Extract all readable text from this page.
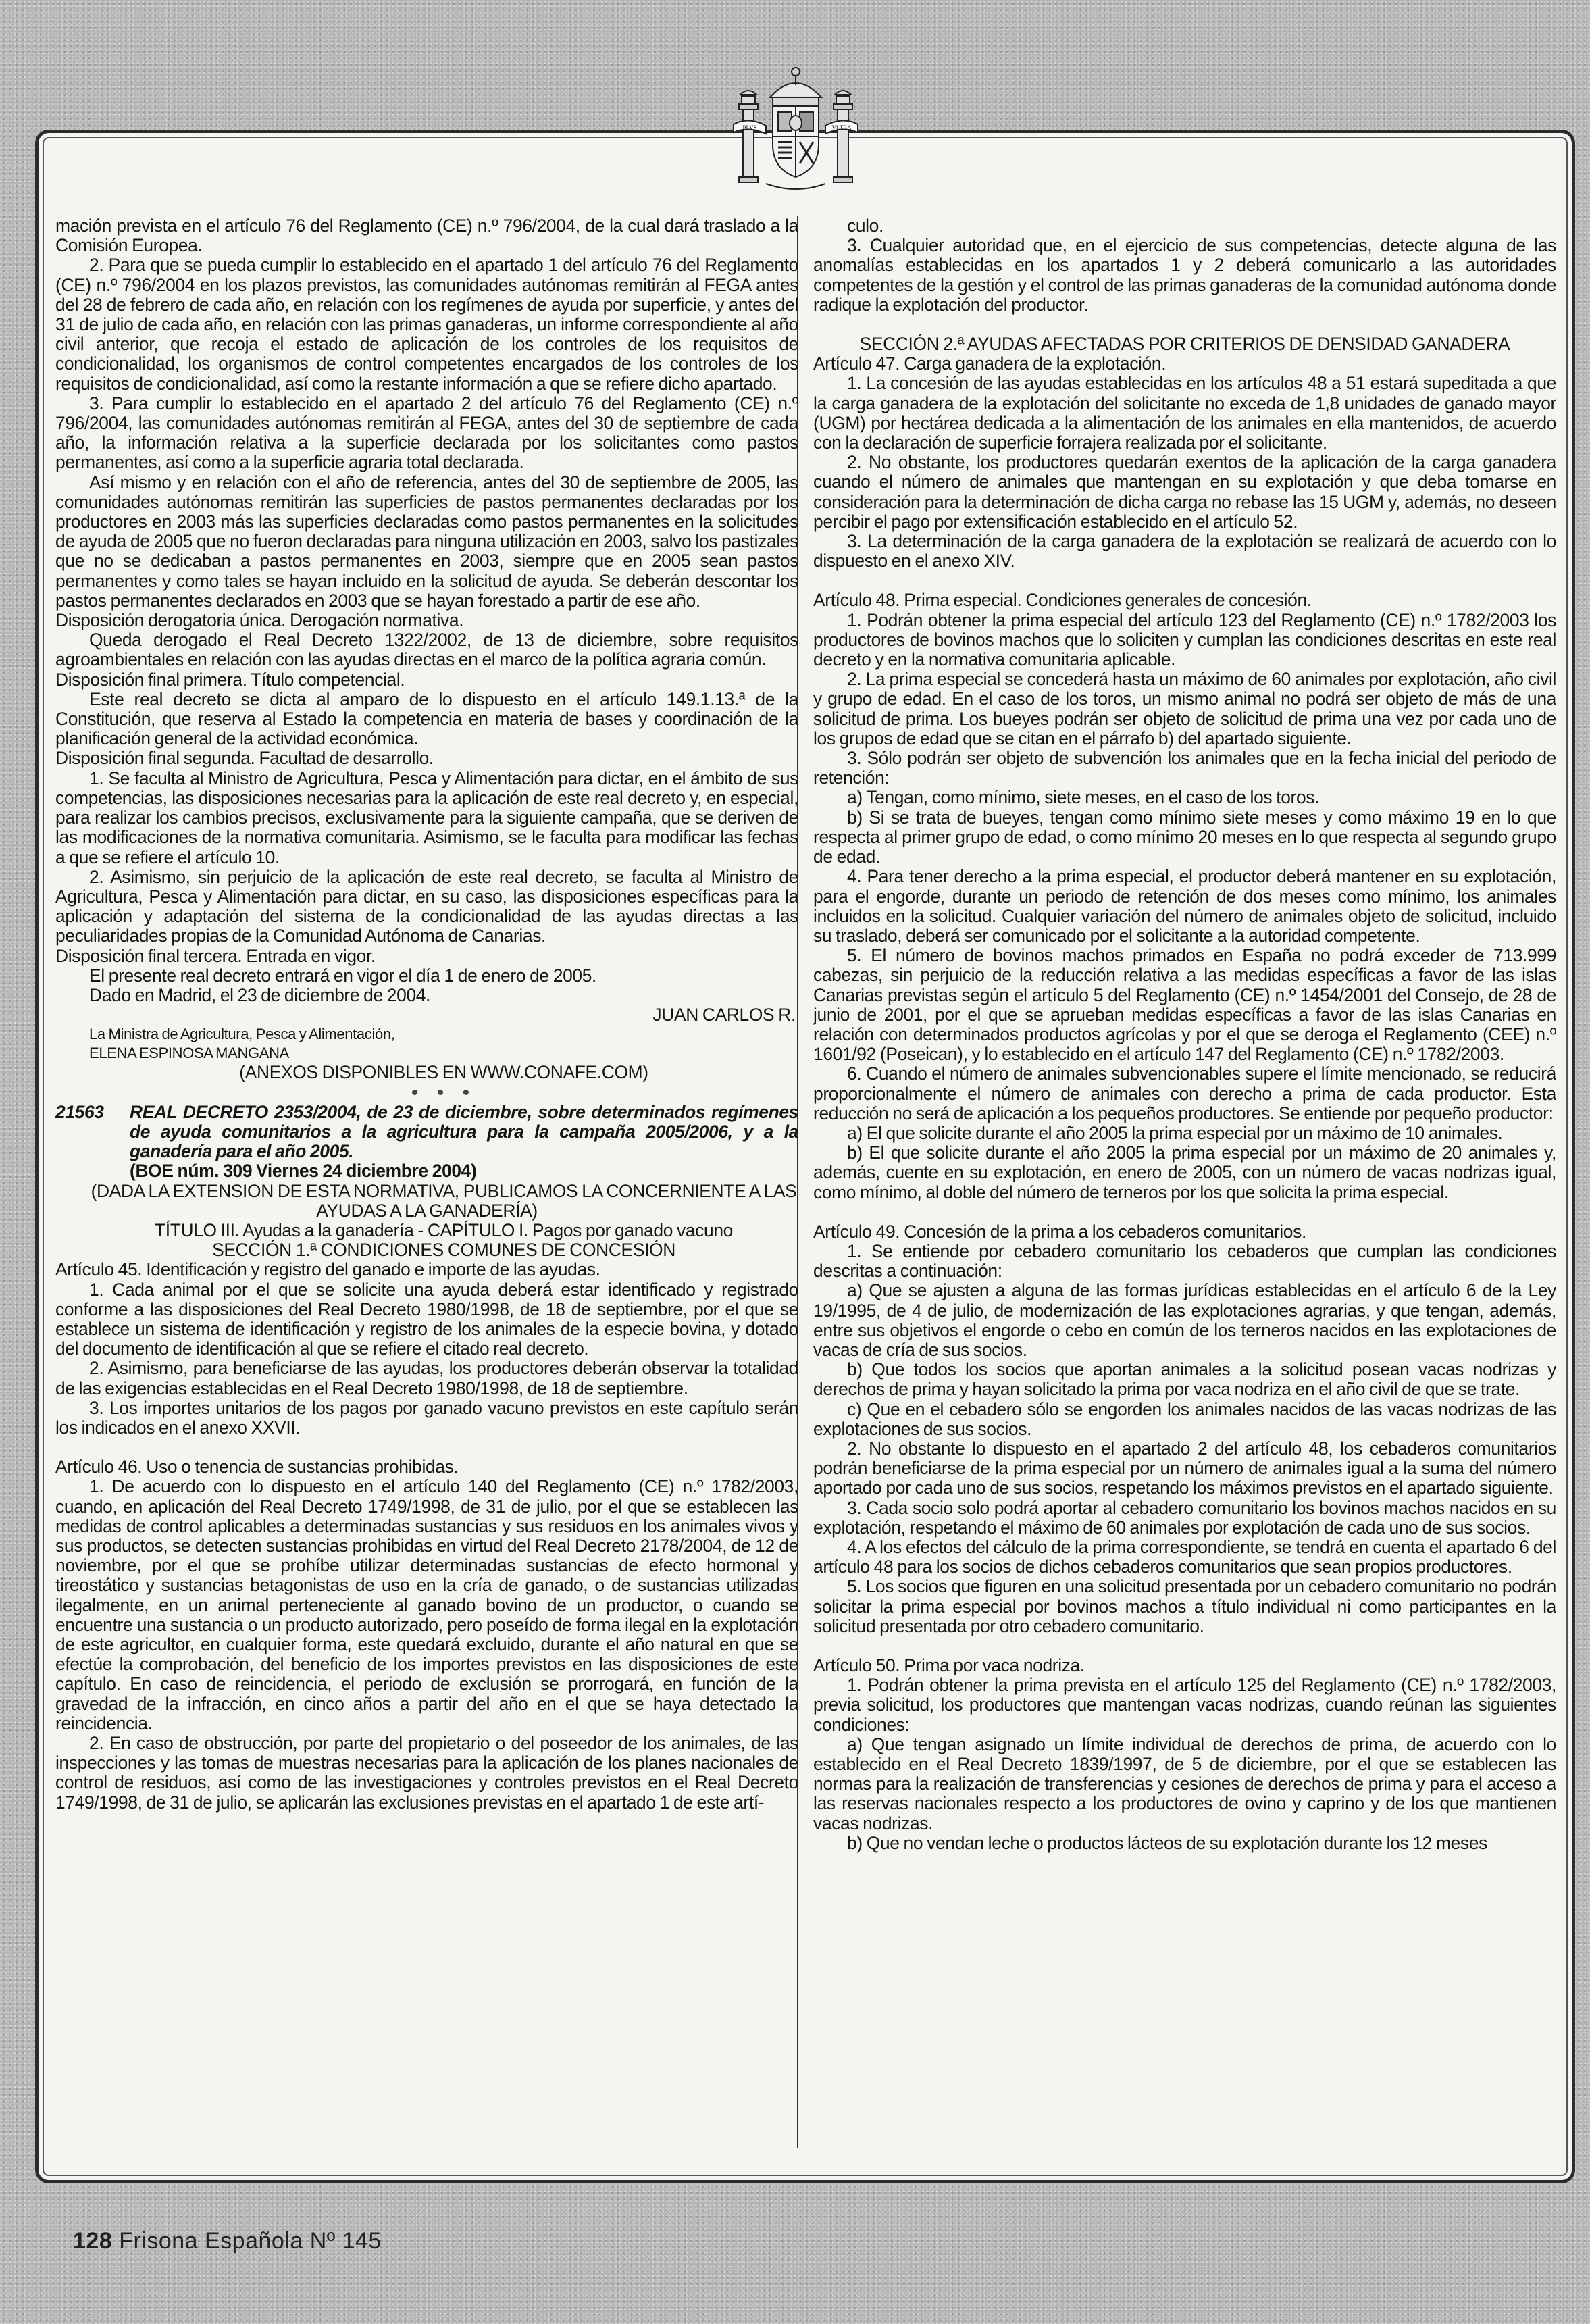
PLVS	VLTRA

mación prevista en el artículo 76 del Reglamento (CE) n.º 796/2004, de la cual dará traslado a la Comisión Europea.

2. Para que se pueda cumplir lo establecido en el apartado 1 del artículo 76 del Reglamento (CE) n.º 796/2004 en los plazos previstos, las comunidades autónomas remitirán al FEGA antes del 28 de febrero de cada año, en relación con los regímenes de ayuda por superficie, y antes del 31 de julio de cada año, en relación con las primas ganaderas, un informe correspondiente al año civil anterior, que recoja el estado de aplicación de los controles de los requisitos de condicionalidad, los organismos de control competentes encargados de los controles de los requisitos de condicionalidad, así como la restante información a que se refiere dicho apartado.

3. Para cumplir lo establecido en el apartado 2 del artículo 76 del Reglamento (CE) n.º 796/2004, las comunidades autónomas remitirán al FEGA, antes del 30 de septiembre de cada año, la información relativa a la superficie declarada por los solicitantes como pastos permanentes, así como a la superficie agraria total declarada.

Así mismo y en relación con el año de referencia, antes del 30 de septiembre de 2005, las comunidades autónomas remitirán las superficies de pastos permanentes declaradas por los productores en 2003 más las superficies declaradas como pastos permanentes en la solicitudes de ayuda de 2005 que no fueron declaradas para ninguna utilización en 2003, salvo los pastizales que no se dedicaban a pastos permanentes en 2003, siempre que en 2005 sean pastos permanentes y como tales se hayan incluido en la solicitud de ayuda. Se deberán descontar los pastos permanentes declarados en 2003 que se hayan forestado a partir de ese año.

Disposición derogatoria única. Derogación normativa.

Queda derogado el Real Decreto 1322/2002, de 13 de diciembre, sobre requisitos agroambientales en relación con las ayudas directas en el marco de la política agraria común.

Disposición final primera. Título competencial.

Este real decreto se dicta al amparo de lo dispuesto en el artículo 149.1.13.ª de la Constitución, que reserva al Estado la competencia en materia de bases y coordinación de la planificación general de la actividad económica.

Disposición final segunda. Facultad de desarrollo.

1. Se faculta al Ministro de Agricultura, Pesca y Alimentación para dictar, en el ámbito de sus competencias, las disposiciones necesarias para la aplicación de este real decreto y, en especial, para realizar los cambios precisos, exclusivamente para la siguiente campaña, que se deriven de las modificaciones de la normativa comunitaria. Asimismo, se le faculta para modificar las fechas a que se refiere el artículo 10.

2. Asimismo, sin perjuicio de la aplicación de este real decreto, se faculta al Ministro de Agricultura, Pesca y Alimentación para dictar, en su caso, las disposiciones específicas para la aplicación y adaptación del sistema de la condicionalidad de las ayudas directas a las peculiaridades propias de la Comunidad Autónoma de Canarias.

Disposición final tercera. Entrada en vigor.

El presente real decreto entrará en vigor el día 1 de enero de 2005.

Dado en Madrid, el 23 de diciembre de 2004.

JUAN CARLOS R.

La Ministra de Agricultura, Pesca y Alimentación,

ELENA ESPINOSA MANGANA

(ANEXOS DISPONIBLES EN WWW.CONAFE.COM)

• • •

21563	REAL DECRETO 2353/2004, de 23 de diciembre, sobre determinados regímenes de ayuda comunitarios a la agricultura para la campaña 2005/2006, y a la ganadería para el año 2005.
(BOE núm. 309 Viernes 24 diciembre 2004)

(DADA LA EXTENSION DE ESTA NORMATIVA, PUBLICAMOS LA CONCERNIENTE A LAS AYUDAS A LA GANADERÍA)

TÍTULO III. Ayudas a la ganadería - CAPÍTULO I. Pagos por ganado vacuno

SECCIÓN 1.ª CONDICIONES COMUNES DE CONCESIÓN

Artículo 45. Identificación y registro del ganado e importe de las ayudas.

1. Cada animal por el que se solicite una ayuda deberá estar identificado y registrado conforme a las disposiciones del Real Decreto 1980/1998, de 18 de septiembre, por el que se establece un sistema de identificación y registro de los animales de la especie bovina, y dotado del documento de identificación al que se refiere el citado real decreto.

2. Asimismo, para beneficiarse de las ayudas, los productores deberán observar la totalidad de las exigencias establecidas en el Real Decreto 1980/1998, de 18 de septiembre.

3. Los importes unitarios de los pagos por ganado vacuno previstos en este capítulo serán los indicados en el anexo XXVII.

Artículo 46. Uso o tenencia de sustancias prohibidas.

1. De acuerdo con lo dispuesto en el artículo 140 del Reglamento (CE) n.º 1782/2003, cuando, en aplicación del Real Decreto 1749/1998, de 31 de julio, por el que se establecen las medidas de control aplicables a determinadas sustancias y sus residuos en los animales vivos y sus productos, se detecten sustancias prohibidas en virtud del Real Decreto 2178/2004, de 12 de noviembre, por el que se prohíbe utilizar determinadas sustancias de efecto hormonal y tireostático y sustancias betagonistas de uso en la cría de ganado, o de sustancias utilizadas ilegalmente, en un animal perteneciente al ganado bovino de un productor, o cuando se encuentre una sustancia o un producto autorizado, pero poseído de forma ilegal en la explotación de este agricultor, en cualquier forma, este quedará excluido, durante el año natural en que se efectúe la comprobación, del beneficio de los importes previstos en las disposiciones de este capítulo. En caso de reincidencia, el periodo de exclusión se prorrogará, en función de la gravedad de la infracción, en cinco años a partir del año en el que se haya detectado la reincidencia.

2. En caso de obstrucción, por parte del propietario o del poseedor de los animales, de las inspecciones y las tomas de muestras necesarias para la aplicación de los planes nacionales de control de residuos, así como de las investigaciones y controles previstos en el Real Decreto 1749/1998, de 31 de julio, se aplicarán las exclusiones previstas en el apartado 1 de este artí-

culo.

3. Cualquier autoridad que, en el ejercicio de sus competencias, detecte alguna de las anomalías establecidas en los apartados 1 y 2 deberá comunicarlo a las autoridades competentes de la gestión y el control de las primas ganaderas de la comunidad autónoma donde radique la explotación del productor.

SECCIÓN 2.ª AYUDAS AFECTADAS POR CRITERIOS DE DENSIDAD GANADERA

Artículo 47. Carga ganadera de la explotación.

1. La concesión de las ayudas establecidas en los artículos 48 a 51 estará supeditada a que la carga ganadera de la explotación del solicitante no exceda de 1,8 unidades de ganado mayor (UGM) por hectárea dedicada a la alimentación de los animales en ella mantenidos, de acuerdo con la declaración de superficie forrajera realizada por el solicitante.

2. No obstante, los productores quedarán exentos de la aplicación de la carga ganadera cuando el número de animales que mantengan en su explotación y que deba tomarse en consideración para la determinación de dicha carga no rebase las 15 UGM y, además, no deseen percibir el pago por extensificación establecido en el artículo 52.

3. La determinación de la carga ganadera de la explotación se realizará de acuerdo con lo dispuesto en el anexo XIV.

Artículo 48. Prima especial. Condiciones generales de concesión.

1. Podrán obtener la prima especial del artículo 123 del Reglamento (CE) n.º 1782/2003 los productores de bovinos machos que lo soliciten y cumplan las condiciones descritas en este real decreto y en la normativa comunitaria aplicable.

2. La prima especial se concederá hasta un máximo de 60 animales por explotación, año civil y grupo de edad. En el caso de los toros, un mismo animal no podrá ser objeto de más de una solicitud de prima. Los bueyes podrán ser objeto de solicitud de prima una vez por cada uno de los grupos de edad que se citan en el párrafo b) del apartado siguiente.

3. Sólo podrán ser objeto de subvención los animales que en la fecha inicial del periodo de retención:

a) Tengan, como mínimo, siete meses, en el caso de los toros.

b) Si se trata de bueyes, tengan como mínimo siete meses y como máximo 19 en lo que respecta al primer grupo de edad, o como mínimo 20 meses en lo que respecta al segundo grupo de edad.

4. Para tener derecho a la prima especial, el productor deberá mantener en su explotación, para el engorde, durante un periodo de retención de dos meses como mínimo, los animales incluidos en la solicitud. Cualquier variación del número de animales objeto de solicitud, incluido su traslado, deberá ser comunicado por el solicitante a la autoridad competente.

5. El número de bovinos machos primados en España no podrá exceder de 713.999 cabezas, sin perjuicio de la reducción relativa a las medidas específicas a favor de las islas Canarias previstas según el artículo 5 del Reglamento (CE) n.º 1454/2001 del Consejo, de 28 de junio de 2001, por el que se aprueban medidas específicas a favor de las islas Canarias en relación con determinados productos agrícolas y por el que se deroga el Reglamento (CEE) n.º 1601/92 (Poseican), y lo establecido en el artículo 147 del Reglamento (CE) n.º 1782/2003.

6. Cuando el número de animales subvencionables supere el límite mencionado, se reducirá proporcionalmente el número de animales con derecho a prima de cada productor. Esta reducción no será de aplicación a los pequeños productores. Se entiende por pequeño productor:

a) El que solicite durante el año 2005 la prima especial por un máximo de 10 animales.

b) El que solicite durante el año 2005 la prima especial por un máximo de 20 animales y, además, cuente en su explotación, en enero de 2005, con un número de vacas nodrizas igual, como mínimo, al doble del número de terneros por los que solicita la prima especial.

Artículo 49. Concesión de la prima a los cebaderos comunitarios.

1. Se entiende por cebadero comunitario los cebaderos que cumplan las condiciones descritas a continuación:

a) Que se ajusten a alguna de las formas jurídicas establecidas en el artículo 6 de la Ley 19/1995, de 4 de julio, de modernización de las explotaciones agrarias, y que tengan, además, entre sus objetivos el engorde o cebo en común de los terneros nacidos en las explotaciones de vacas de cría de sus socios.

b) Que todos los socios que aportan animales a la solicitud posean vacas nodrizas y derechos de prima y hayan solicitado la prima por vaca nodriza en el año civil de que se trate.

c) Que en el cebadero sólo se engorden los animales nacidos de las vacas nodrizas de las explotaciones de sus socios.

2. No obstante lo dispuesto en el apartado 2 del artículo 48, los cebaderos comunitarios podrán beneficiarse de la prima especial por un número de animales igual a la suma del número aportado por cada uno de sus socios, respetando los máximos previstos en el apartado siguiente.

3. Cada socio solo podrá aportar al cebadero comunitario los bovinos machos nacidos en su explotación, respetando el máximo de 60 animales por explotación de cada uno de sus socios.

4. A los efectos del cálculo de la prima correspondiente, se tendrá en cuenta el apartado 6 del artículo 48 para los socios de dichos cebaderos comunitarios que sean propios productores.

5. Los socios que figuren en una solicitud presentada por un cebadero comunitario no podrán solicitar la prima especial por bovinos machos a título individual ni como participantes en la solicitud presentada por otro cebadero comunitario.

Artículo 50. Prima por vaca nodriza.

1. Podrán obtener la prima prevista en el artículo 125 del Reglamento (CE) n.º 1782/2003, previa solicitud, los productores que mantengan vacas nodrizas, cuando reúnan las siguientes condiciones:

a) Que tengan asignado un límite individual de derechos de prima, de acuerdo con lo establecido en el Real Decreto 1839/1997, de 5 de diciembre, por el que se establecen las normas para la realización de transferencias y cesiones de derechos de prima y para el acceso a las reservas nacionales respecto a los productores de ovino y caprino y de los que mantienen vacas nodrizas.

b) Que no vendan leche o productos lácteos de su explotación durante los 12 meses

128 Frisona Española Nº 145
